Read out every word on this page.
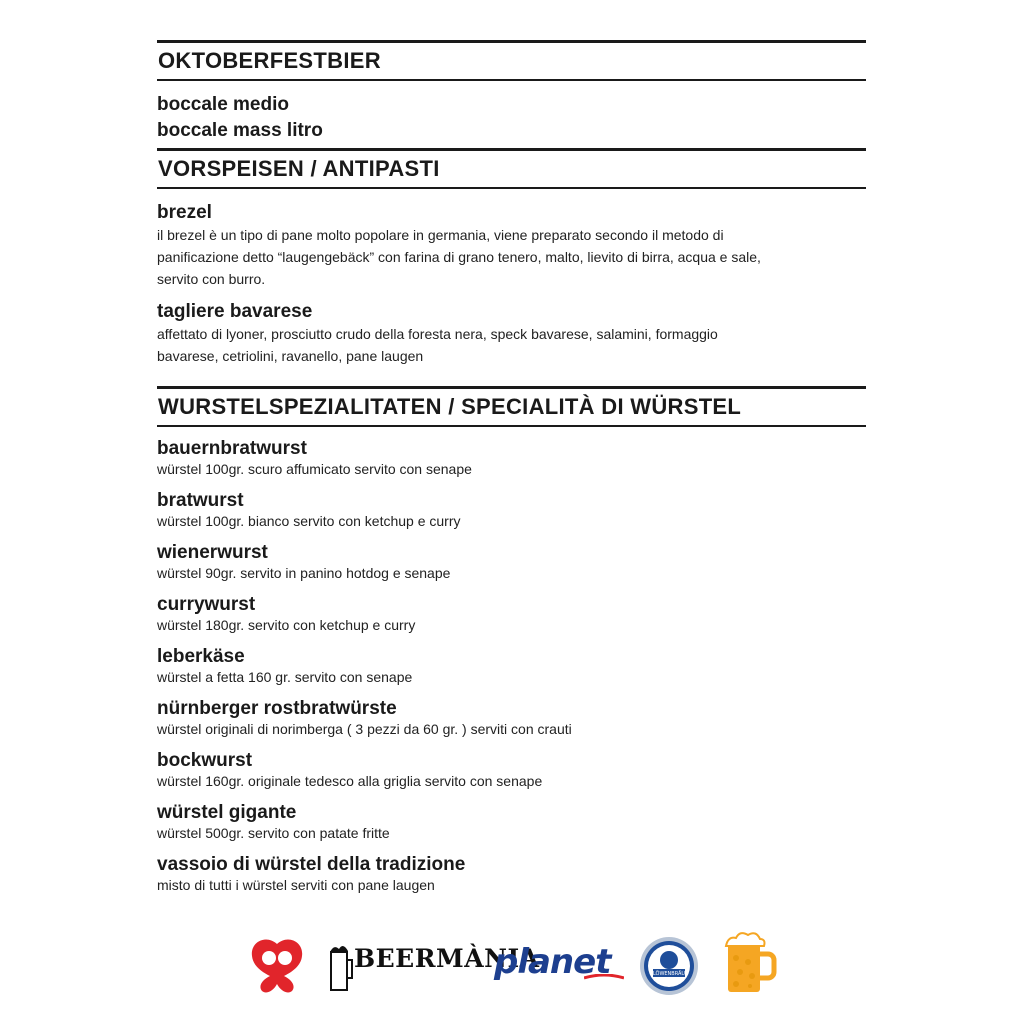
OKTOBERFESTBIER
boccale medio
boccale mass litro
VORSPEISEN / ANTIPASTI
brezel
il brezel è un tipo di pane molto popolare in germania, viene preparato secondo il metodo di panificazione detto “laugengebäck” con farina di grano tenero, malto, lievito di birra, acqua e sale, servito con burro.
tagliere bavarese
affettato di lyoner, prosciutto crudo della foresta nera, speck bavarese, salamini, formaggio bavarese, cetriolini, ravanello, pane laugen
WURSTELSPEZIALITATEN / SPECIALITÀ DI WÜRSTEL
bauernbratwurst
würstel 100gr. scuro affumicato servito con senape
bratwurst
würstel 100gr. bianco servito con ketchup e curry
wienerwurst
würstel 90gr. servito in panino hotdog e senape
currywurst
würstel 180gr. servito con ketchup e curry
leberkäse
würstel a fetta 160 gr. servito con senape
nürnberger rostbratwürste
würstel originali di norimberga ( 3 pezzi da 60 gr. ) serviti con crauti
bockwurst
würstel 160gr. originale tedesco alla griglia servito con senape
würstel gigante
würstel 500gr. servito con patate fritte
vassoio di würstel della tradizione
misto di tutti i würstel serviti con pane laugen
BEERMÀNIA
planet	LÖWENBRÄU
